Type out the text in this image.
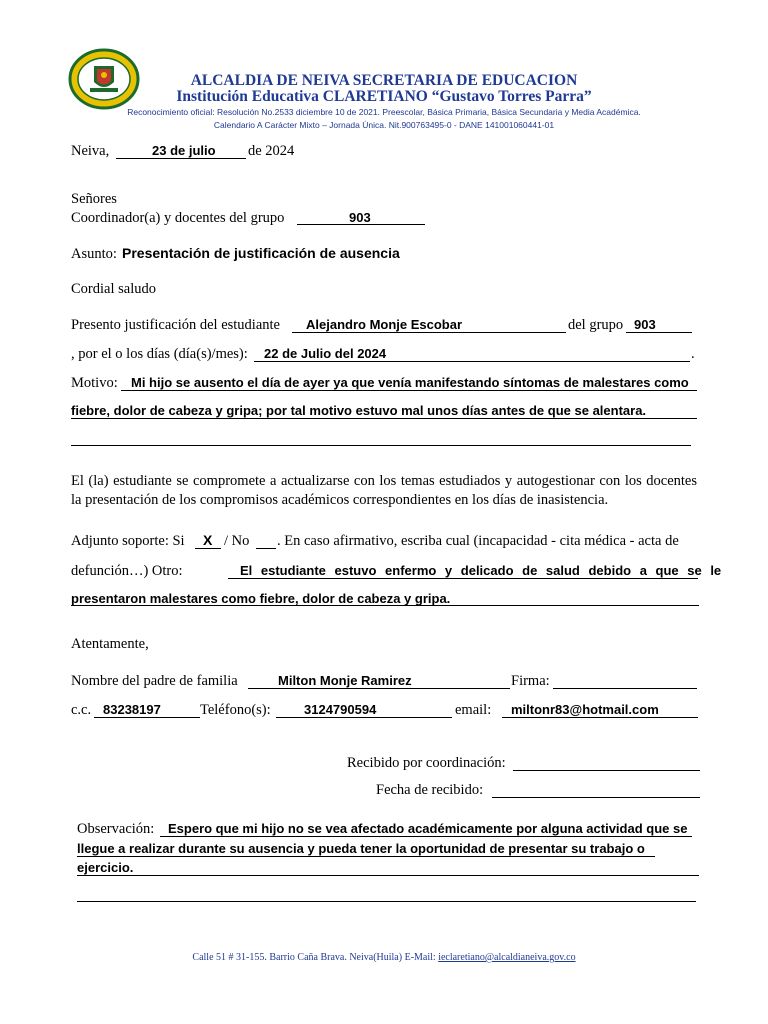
ALCALDIA DE NEIVA SECRETARIA DE EDUCACION
Institución Educativa CLARETIANO “Gustavo Torres Parra”
Reconocimiento oficial: Resolución No.2533 diciembre 10 de 2021. Preescolar, Básica Primaria, Básica Secundaria y Media Académica.
Calendario A Carácter Mixto – Jornada Única. Nit.900763495-0 - DANE 141001060441-01
Neiva,	23 de julio de 2024
Señores
Coordinador(a) y docentes del grupo	903
Asunto: Presentación de justificación de ausencia
Cordial saludo
Presento justificación del estudiante Alejandro Monje Escobar	del grupo 903
, por el o los días (día(s)/mes): 22 de Julio del 2024	.
Motivo: Mi hijo se ausento el día de ayer ya que venía manifestando síntomas de malestares como
fiebre, dolor de cabeza y gripa; por tal motivo estuvo mal unos días antes de que se alentara.
El (la) estudiante se compromete a actualizarse con los temas estudiados y autogestionar con los docentes la presentación de los compromisos académicos correspondientes en los días de inasistencia.
Adjunto soporte: Si X / No . En caso afirmativo, escriba cual (incapacidad - cita médica - acta de
defunción…) Otro:	El estudiante estuvo enfermo y delicado de salud debido a que se le
presentaron malestares como fiebre, dolor de cabeza y gripa.
Atentamente,
Nombre del padre de familia	Milton Monje Ramirez	Firma:
c.c. 83238197	Teléfono(s):	3124790594	email: miltonr83@hotmail.com
Recibido por coordinación:
Fecha de recibido:
Observación: Espero que mi hijo no se vea afectado académicamente por alguna actividad que se
llegue a realizar durante su ausencia y pueda tener la oportunidad de presentar su trabajo o
ejercicio.
Calle 51 # 31-155. Barrio Caña Brava. Neiva(Huila) E-Mail: ieclaretiano@alcaldianeiva.gov.co
